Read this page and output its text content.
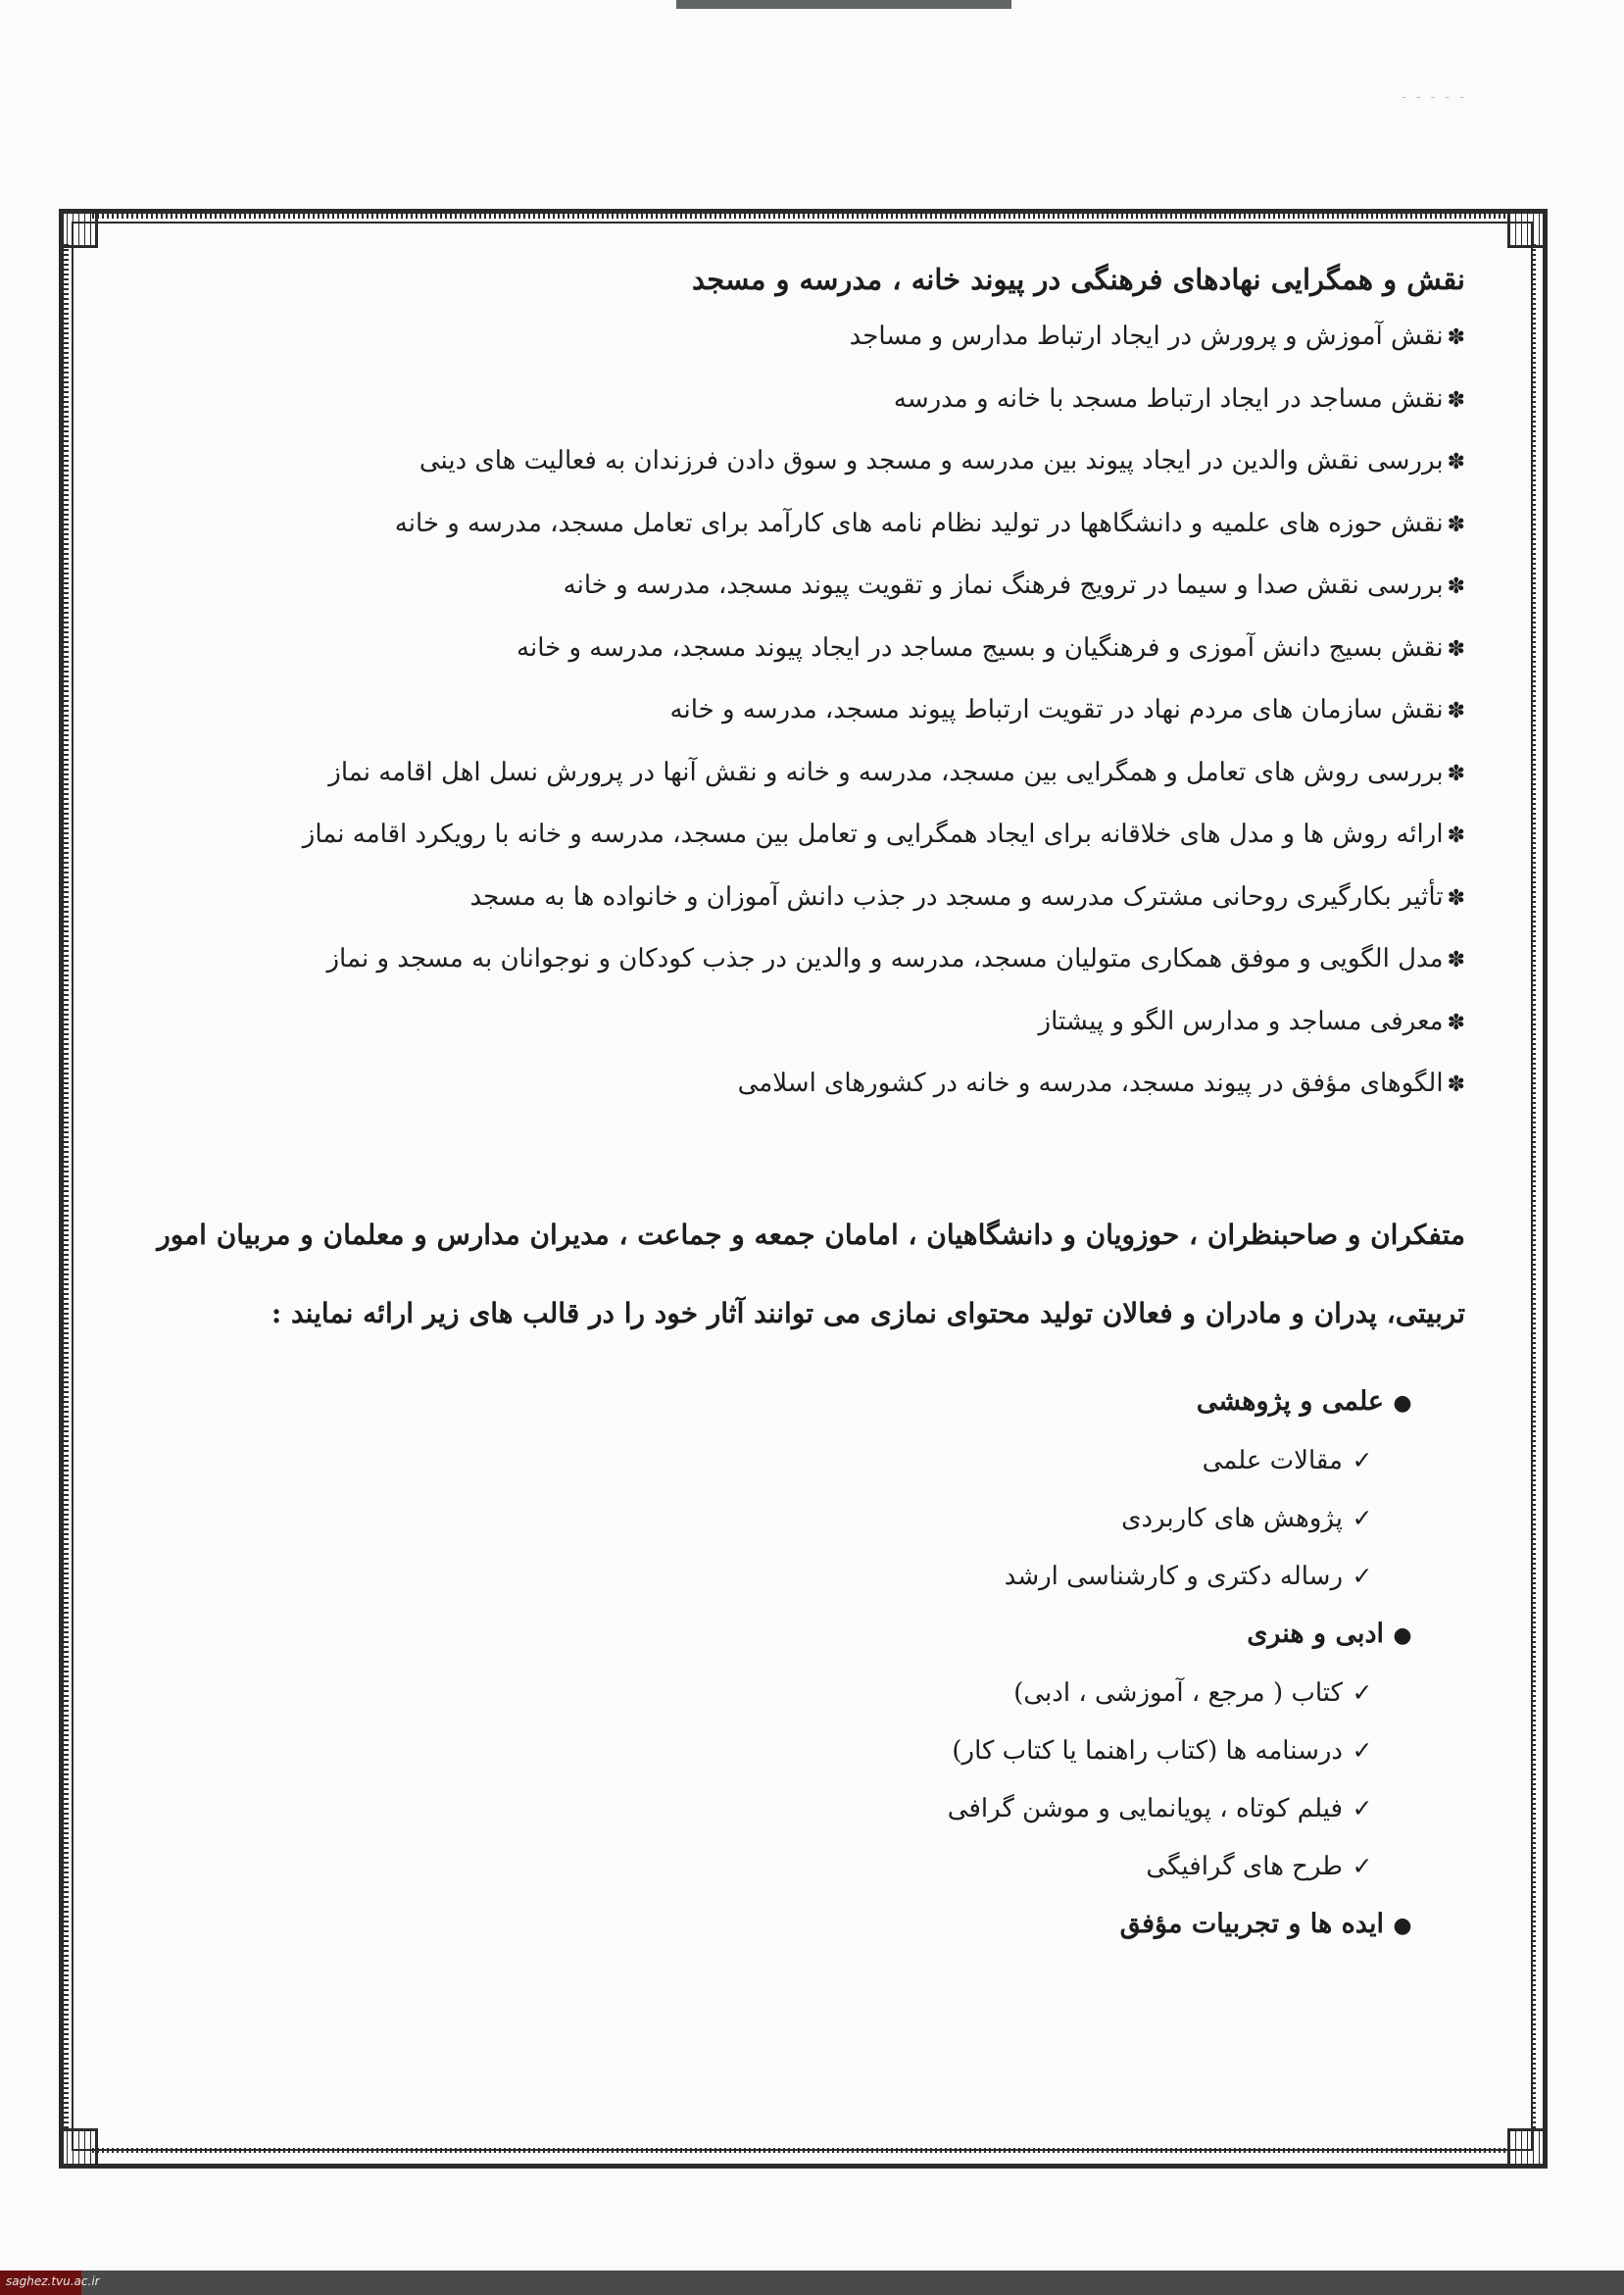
- - - - -
نقش و همگرایی نهادهای فرهنگی در پیوند خانه ، مدرسه و مسجد
✽نقش آموزش و پرورش در ایجاد ارتباط مدارس و مساجد
✽نقش مساجد در ایجاد ارتباط مسجد با خانه و مدرسه
✽بررسی نقش والدین در ایجاد پیوند بین مدرسه و مسجد و سوق دادن فرزندان به فعالیت های دینی
✽نقش حوزه های علمیه و دانشگاهها در تولید نظام نامه های کارآمد برای تعامل مسجد، مدرسه و خانه
✽بررسی نقش صدا و سیما در ترویج فرهنگ نماز و تقویت پیوند مسجد، مدرسه و خانه
✽نقش بسیج دانش آموزی و فرهنگیان و بسیج مساجد در ایجاد پیوند مسجد، مدرسه و خانه
✽نقش سازمان های مردم نهاد در تقویت ارتباط پیوند مسجد، مدرسه و خانه
✽بررسی روش های تعامل و همگرایی بین مسجد، مدرسه و خانه و نقش آنها در پرورش نسل اهل اقامه نماز
✽ارائه روش ها و مدل های خلاقانه برای ایجاد همگرایی و تعامل بین مسجد، مدرسه و خانه با رویکرد اقامه نماز
✽تأثیر بکارگیری روحانی مشترک مدرسه و مسجد در جذب دانش آموزان و خانواده ها به مسجد
✽مدل الگویی و موفق همکاری متولیان مسجد، مدرسه و والدین در جذب کودکان و نوجوانان به مسجد و نماز
✽معرفی مساجد و مدارس الگو و پیشتاز
✽الگوهای مؤفق در پیوند مسجد، مدرسه و خانه در کشورهای اسلامی
متفکران و صاحبنظران ، حوزویان و دانشگاهیان ، امامان جمعه و جماعت ، مدیران مدارس و معلمان و مربیان امور تربیتی، پدران و مادران و فعالان تولید محتوای نمازی می توانند آثار خود را در قالب های زیر ارائه نمایند :
●علمی و پژوهشی
✓مقالات علمی
✓پژوهش های کاربردی
✓رساله دکتری و کارشناسی ارشد
●ادبی و هنری
✓کتاب ( مرجع ، آموزشی ، ادبی)
✓درسنامه ها (کتاب راهنما یا کتاب کار)
✓فیلم کوتاه ، پویانمایی و موشن گرافی
✓طرح های گرافیگی
●ایده ها و تجربیات مؤفق
saghez.tvu.ac.ir
